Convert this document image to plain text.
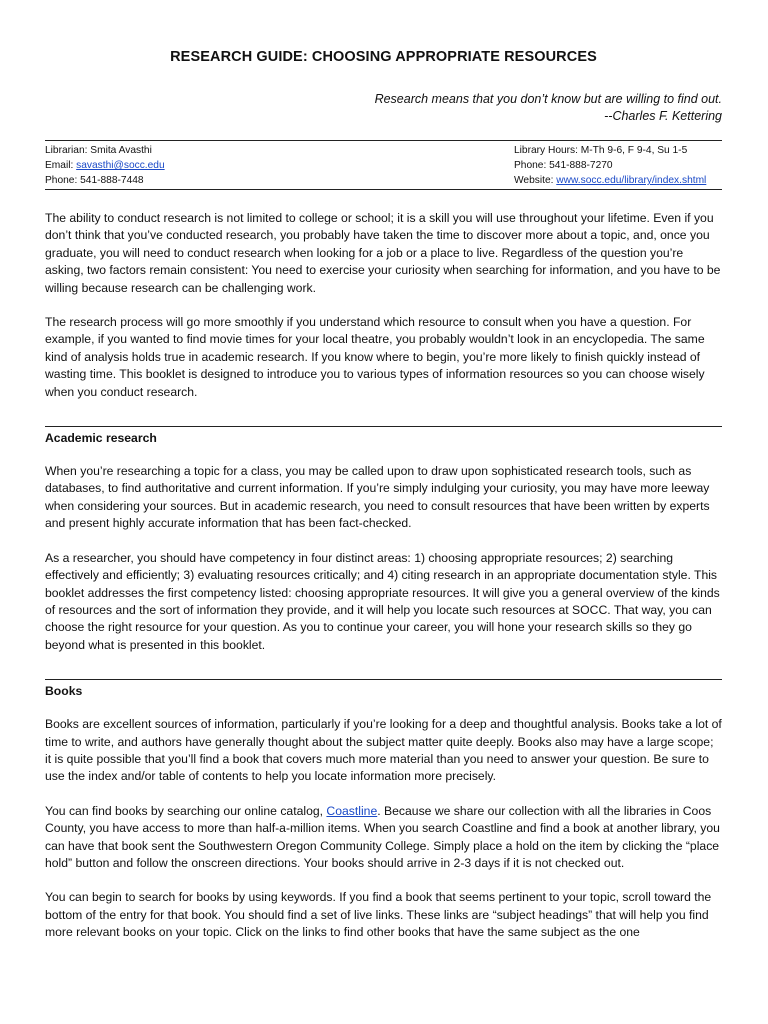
RESEARCH GUIDE: CHOOSING APPROPRIATE RESOURCES
Research means that you don’t know but are willing to find out.
--Charles F. Kettering
Librarian: Smita Avasthi
Email: savasthi@socc.edu
Phone: 541-888-7448
Library Hours: M-Th 9-6, F 9-4, Su 1-5
Phone: 541-888-7270
Website: www.socc.edu/library/index.shtml

The ability to conduct research is not limited to college or school; it is a skill you will use throughout your lifetime. Even if you don’t think that you’ve conducted research, you probably have taken the time to discover more about a topic, and, once you graduate, you will need to conduct research when looking for a job or a place to live. Regardless of the question you’re asking, two factors remain consistent: You need to exercise your curiosity when searching for information, and you have to be willing because research can be challenging work.

The research process will go more smoothly if you understand which resource to consult when you have a question. For example, if you wanted to find movie times for your local theatre, you probably wouldn’t look in an encyclopedia. The same kind of analysis holds true in academic research. If you know where to begin, you’re more likely to finish quickly instead of wasting time. This booklet is designed to introduce you to various types of information resources so you can choose wisely when you conduct research.

Academic research

When you’re researching a topic for a class, you may be called upon to draw upon sophisticated research tools, such as databases, to find authoritative and current information. If you’re simply indulging your curiosity, you may have more leeway when considering your sources. But in academic research, you need to consult resources that have been written by experts and present highly accurate information that has been fact-checked.

As a researcher, you should have competency in four distinct areas: 1) choosing appropriate resources; 2) searching effectively and efficiently; 3) evaluating resources critically; and 4) citing research in an appropriate documentation style. This booklet addresses the first competency listed: choosing appropriate resources. It will give you a general overview of the kinds of resources and the sort of information they provide, and it will help you locate such resources at SOCC. That way, you can choose the right resource for your question. As you to continue your career, you will hone your research skills so they go beyond what is presented in this booklet.

Books

Books are excellent sources of information, particularly if you’re looking for a deep and thoughtful analysis. Books take a lot of time to write, and authors have generally thought about the subject matter quite deeply. Books also may have a large scope; it is quite possible that you’ll find a book that covers much more material than you need to answer your question. Be sure to use the index and/or table of contents to help you locate information more precisely.

You can find books by searching our online catalog, Coastline. Because we share our collection with all the libraries in Coos County, you have access to more than half-a-million items. When you search Coastline and find a book at another library, you can have that book sent the Southwestern Oregon Community College. Simply place a hold on the item by clicking the “place hold” button and follow the onscreen directions. Your books should arrive in 2-3 days if it is not checked out.

You can begin to search for books by using keywords. If you find a book that seems pertinent to your topic, scroll toward the bottom of the entry for that book. You should find a set of live links. These links are “subject headings” that will help you find more relevant books on your topic. Click on the links to find other books that have the same subject as the one
